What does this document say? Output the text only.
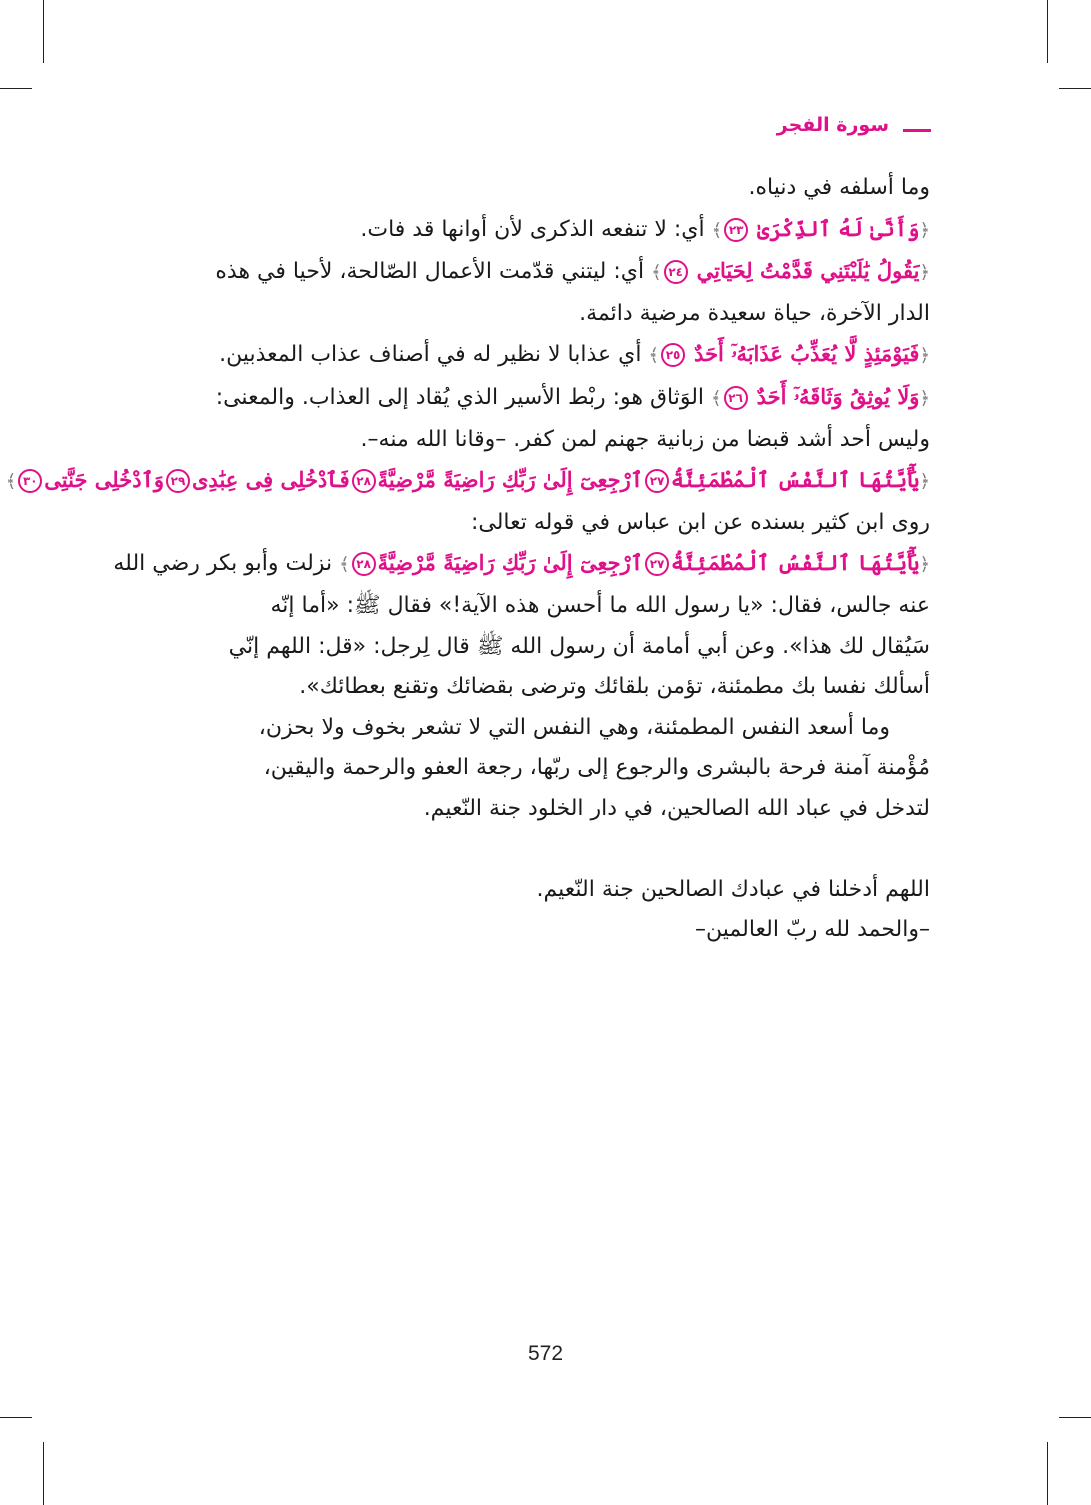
سورة الفجر
وما أسلفه في دنياه.
﴿وَأَنَّىٰ لَهُ ٱلذِّكْرَىٰ ٢٣﴾ أي: لا تنفعه الذكرى لأن أوانها قد فات.
﴿يَقُولُ يَٰلَيْتَنِي قَدَّمْتُ لِحَيَاتِي ٢٤﴾ أي: ليتني قدّمت الأعمال الصّالحة، لأحيا في هذه
الدار الآخرة، حياة سعيدة مرضية دائمة.
﴿فَيَوْمَئِذٍ لَّا يُعَذِّبُ عَذَابَهُۥٓ أَحَدٌ ٢٥﴾ أي عذابا لا نظير له في أصناف عذاب المعذبين.
﴿وَلَا يُوثِقُ وَثَاقَهُۥٓ أَحَدٌ ٢٦﴾ الوَثاق هو: ربْط الأسير الذي يُقاد إلى العذاب. والمعنى:
وليس أحد أشد قبضا من زبانية جهنم لمن كفر. –وقانا الله منه–.
﴿يَٰٓأَيَّتُهَا ٱلنَّفْسُ ٱلْمُطْمَئِنَّةُ٢٧ٱرْجِعِىٓ إِلَىٰ رَبِّكِ رَاضِيَةً مَّرْضِيَّةً٢٨فَٱدْخُلِى فِى عِبَٰدِى٢٩وَٱدْخُلِى جَنَّتِى٣٠﴾
روى ابن كثير بسنده عن ابن عباس في قوله تعالى:
﴿يَٰٓأَيَّتُهَا ٱلنَّفْسُ ٱلْمُطْمَئِنَّةُ٢٧ٱرْجِعِىٓ إِلَىٰ رَبِّكِ رَاضِيَةً مَّرْضِيَّةً٢٨﴾ نزلت وأبو بكر رضي الله
عنه جالس، فقال: «يا رسول الله ما أحسن هذه الآية!» فقال ﷺ: «أما إنّه
سَيُقال لك هذا». وعن أبي أمامة أن رسول الله ﷺ قال لِرجل: «قل: اللهم إنّي
أسألك نفسا بك مطمئنة، تؤمن بلقائك وترضى بقضائك وتقنع بعطائك».
وما أسعد النفس المطمئنة، وهي النفس التي لا تشعر بخوف ولا بحزن،
مُؤْمنة آمنة فرحة بالبشرى والرجوع إلى ربّها، رجعة العفو والرحمة واليقين،
لتدخل في عباد الله الصالحين، في دار الخلود جنة النّعيم.
اللهم أدخلنا في عبادك الصالحين جنة النّعيم.
–والحمد لله ربّ العالمين–
572
